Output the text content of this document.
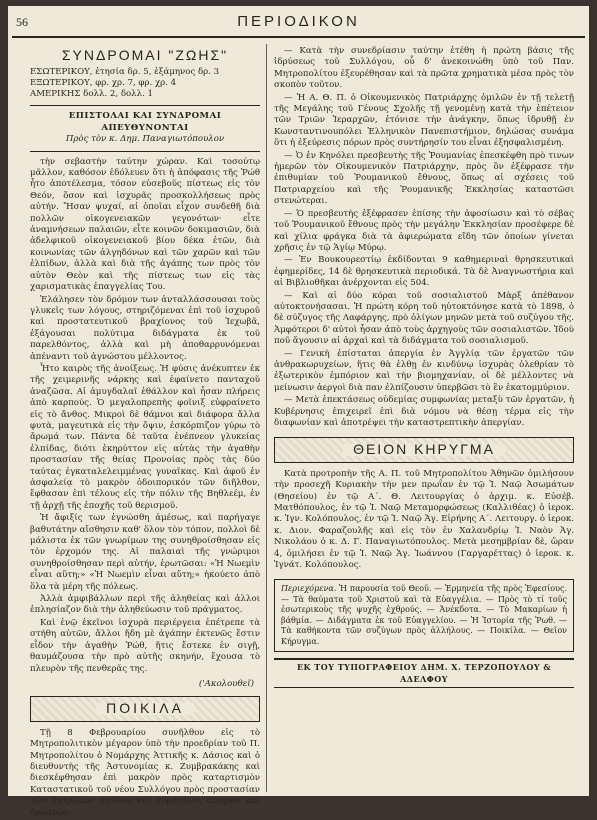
56	ΠΕΡΙΟΔΙΚΟΝ
ΣΥΝΔΡΟΜΑΙ "ΖΩΗΣ"
ΕΣΩΤΕΡΙΚΟΥ, ἐτησία δρ. 5, ἑξάμηνος δρ. 3
ΕΞΩΤΕΡΙΚΟΥ, φρ. χρ. 7, φρ. χρ. 4
ΑΜΕΡΙΚΗΣ δολλ. 2, δολλ. 1
ΕΠΙΣΤΟΛΑΙ ΚΑΙ ΣΥΝΔΡΟΜΑΙ ΑΠΕΥΘΥΝΟΝΤΑΙ
Πρὸς τὸν κ. Δημ. Παναγιωτόπουλον

τὴν σεβαστὴν ταύτην χώραν. Καὶ τοσούτῳ μᾶλλον, καθόσον ἐδόλευεν ὅτι ἡ ἀπόφασις τῆς Ῥώθ ἦτο ἀποτέλεσμα, τόσον εὐσεβοῦς πίστεως εἰς τὸν Θεόν, ὅσον καὶ ἰσχυρᾶς προσκολλήσεως πρὸς αὐτήν. Ἤσαν ψυχαί, αἱ ὁποῖαι εἶχον συνδεθῆ διὰ πολλῶν οἰκογενειακῶν γεγονότων· εἶτε ἀναμνήσεων παλαιῶν, εἶτε κοινῶν δοκιμασιῶν, διὰ ἀδελφικοῦ οἰκογενειακοῦ βίου δέκα ἐτῶν, διὰ κοινωνίας τῶν ἀλγηδόνων καὶ τῶν χαρῶν καὶ τῶν ἐλπίδων, ἀλλὰ καὶ διὰ τῆς ἀγάπης των πρὸς τὸν αὐτὸν Θεὸν καὶ τῆς πίστεως των εἰς τὰς χαρισματικὰς ἐπαγγελίας Του.

Ἐλάλησεν τὸν δρόμον των ἀνταλλάσσουσαι τοὺς γλυκεῖς των λόγους, στηριζόμεναι ἐπὶ τοῦ ἰσχυροῦ καὶ προστατευτικοῦ βραχίονος τοῦ Ἰεχωβᾶ, ἐξάγουσαι πολύτιμα διδάγματα ἐκ τοῦ παρελθόντος, ἀλλὰ καὶ μὴ ἀποθαρρυνόμεναι ἀπέναντι τοῦ ἀγνώστου μέλλοντος.

Ἦτο καιρὸς τῆς ἀνοίξεως. Ἡ φύσις ἀνέκυπτεν ἐκ τῆς χειμερινῆς νάρκης καὶ ἐφαίνετο πανταχοῦ ἀναζῶσα. Αἱ ἀμυγδαλαῖ ἐθάλλον καὶ ἦσαν πλήρεις ἀπὸ καρπούς. Ὁ μεγαλοπρεπὴς φοῖνιξ εὐφραίνετο εἰς τὸ ἄνθος. Μικροὶ δὲ θάμνοι καὶ διάφορα ἄλλα φυτὰ, μαγευτικὰ εἰς τὴν ὄψιν, ἐσκόρπιζον γύρω τὸ ἄρωμά των. Πάντα δὲ ταῦτα ἐνέπνεον γλυκείας ἐλπίδας, διότι ἐκηρύττον εἰς αὐτὰς τὴν ἀγαθὴν προστασίαν τῆς θείας Προνοίας πρὸς τὰς δύο ταύτας ἐγκαταλελειμμένας γυναῖκας. Καὶ ἀφοῦ ἐν ἀσφαλείᾳ τὸ μακρὸν ὁδοιπορικόν τῶν διῆλθον, ἔφθασαν ἐπὶ τέλους εἰς τὴν πόλιν τῆς Βηθλεέμ, ἐν τῇ ἀρχῇ τῆς ἐποχῆς τοῦ θερισμοῦ.

Ἡ ἄφιξίς των ἐγνώσθη ἀμέσως, καὶ παρήγαγε βαθυτάτην αἴσθησιν καθ' ὅλον τὸν τόπον, πολλοὶ δὲ μάλιστα ἐκ τῶν γνωρίμων της συνηθροίσθησαν εἰς τὸν ἐρχομόν της. Αἱ παλαιαὶ τῆς γνώριμοι συνηθροίσθησαν περὶ αὐτήν, ἐρωτῶσαι: «Ἡ Νωεμὶν εἶναι αὕτη;» «Ἡ Νωεμὶν εἶναι αὕτη;» ἠκούετο ἀπὸ ὅλα τὰ μέρη τῆς πόλεως.

Ἀλλὰ ἀμφιβάλλων περὶ τῆς ἀληθείας καὶ ἀλλοι ἐπλησίαζον διὰ τὴν ἀληθεύωσιν τοῦ πράγματος.

Καὶ ἐνῷ ἐκεῖνοι ἰσχυρὰ περιέργεια ἐπέτρεπε τὰ στήθη αὐτῶν, ἄλλοι ἤδη μὲ ἀγάπην ἐκτενῶς ἔστιν εἶδον τὴν ἀγαθὴν Ῥώθ, ἥτις ἔστεκε ἐν σιγῇ, θαυμάζουσα τὴν πρὸ αὐτῆς σκηνήν, ἔχουσα τὸ πλευρὸν τῆς πενθερᾶς της.

('Ακολουθεῖ)
ΠΟΙΚΙΛΑ

Τῇ 8 Φεβρουαρίου συνῆλθον εἰς τὸ Μητροπολιτικὸν μέγαρον ὑπὸ τὴν προεδρίαν τοῦ Π. Μητροπολίτου ὁ Νομάρχης Ἀττικῆς κ. Δάσιος καὶ ὁ διευθυντὴς τῆς Ἀστυνομίας κ. Ζυμβρακάκης καὶ διεσκέφθησαν ἐπὶ μακρὸν πρὸς καταρτισμὸν Καταστατικοῦ τοῦ νέου Συλλόγου πρὸς προστασίαν τῶν ἀνηλίκων παίδων καὶ κορασίων, ἀπόρων καὶ ὀρφανῶν.

— Κατὰ τὴν συνεδρίασιν ταύτην ἐτέθη ἡ πρώτη βάσις τῆς ἱδρύσεως τοῦ Συλλόγου, οὗ δ' ἀνεκοινώθη ὑπὸ τοῦ Παν. Μητροπολίτου ἐξευρέθησαν καὶ τὰ πρῶτα χρηματικὰ μέσα πρὸς τὸν σκοπὸν τοῦτον.

— Ἡ Α. Θ. Π. ὁ Οἰκουμενικὸς Πατριάρχης ὁμιλῶν ἐν τῇ τελετῇ τῆς Μεγάλης τοῦ Γένους Σχολῆς τῇ γενομένῃ κατὰ τὴν ἐπέτειον τῶν Τριῶν Ἱεραρχῶν, ἐτόνισε τὴν ἀνάγκην, ὅπως ἱδρυθῇ ἐν Κωνσταντινουπόλει Ἑλληνικὸν Πανεπιστήμιον, δηλώσας συνάμα ὅτι ἡ ἐξεύρεσις πόρων πρὸς συντήρησίν του εἶναι ἐξησφαλισμένη.

— Ὁ ἐν Κηνόλει πρεσβευτὴς τῆς Ῥουμανίας ἐπεσκέφθη πρὸ τινων ἡμερῶν τὸν Οἰκουμενικὸν Πατριάρχην, πρὸς ὃν ἐξέφρασε τὴν ἐπιθυμίαν τοῦ Ῥουμανικοῦ ἔθνους, ὅπως αἱ σχέσεις τοῦ Πατριαρχείου καὶ τῆς Ῥουμανικῆς Ἐκκλησίας καταστῶσι στενώτεραι.

— Ὁ πρεσβευτὴς ἐξέφρασεν ἐπίσης τὴν ἀφοσίωσιν καὶ τὸ σέβας τοῦ Ῥουμανικοῦ ἔθνους πρὸς τὴν μεγάλην Ἐκκλησίαν προσέφερε δὲ καὶ χίλια φράγκα διὰ τὰ ἀφιερώματα εἴδη τῶν ὁποίων γίνεται χρῆσις ἐν τῷ Ἁγίῳ Μύρῳ.

— Ἐν Βουκουρεστίῳ ἐκδίδονται 9 καθημεριναὶ θρησκευτικαὶ ἐφημερίδες, 14 δὲ θρησκευτικὰ περιοδικά. Τὰ δὲ Ἀναγνωστήρια καὶ αἱ Βιβλιοθῆκαι ἀνέρχονται εἰς 504.

— Καὶ αἱ δύο κόραι τοῦ σοσιαλιστοῦ Μὰρξ ἀπέθανον αὐτοκτονήσασαι. Ἡ πρώτη κόρη τοῦ ηὐτοκτόνησε κατὰ τὸ 1898, ὁ δὲ σύζυγος τῆς Λαφάργης, πρὸ ὀλίγων μηνῶν μετὰ τοῦ συζύγου τῆς. Ἀμφότεροι δ' αὐτοὶ ἦσαν ἀπὸ τοὺς ἀρχηγοὺς τῶν σοσιαλιστῶν. Ἰδοὺ ποῦ ἄγουσιν αἱ ἀρχαὶ καὶ τὰ διδάγματα τοῦ σοσιαλισμοῦ.

— Γενικὴ ἐπίσταται ἀπεργία ἐν Ἀγγλίᾳ τῶν ἐργατῶν τῶν ἀνθρακωρυχείων, ἥτις θὰ ἐλθῃ ἐν κινδύνῳ ἰσχυρὰς ὀλεθρίαν τὸ ἐξωτερικὸν ἐμπόριον καὶ τὴν βιομηχανίαν, οἱ δὲ μέλλοντες νὰ μείνωσιν ἀεργοὶ διὰ παν ἐλπίζουσιν ὑπερβῶσι τὸ ἓν ἑκατομμύριον.

— Μετὰ ἐπεκτάσεως οὐδεμίας συμφωνίας μεταξὺ τῶν ἐργατῶν, ἡ Κυβέρνησις ἐπιχειρεῖ ἐπὶ διὰ νόμου νὰ θέσῃ τέρμα εἰς τὴν διαφωνίαν καὶ ἀποτρέψει τὴν καταστρεπτικὴν ἀπεργίαν.

ΘΕΙΟΝ ΚΗΡΥΓΜΑ

Κατὰ προτροπὴν τῆς Α. Π. τοῦ Μητροπολίτου Ἀθηνῶν ὁμιλήσουν τὴν προσεχῆ Κυριακὴν τὴν μεν πρωΐαν ἐν τῷ Ἱ. Ναῷ Ἀσωμάτων (Θησείου) ἐν τῷ Α΄. Θ. Λειτουργίας ὁ ἀρχιμ. κ. Εὐσέβ. Ματθόπουλος, ἐν τῷ Ἱ. Ναῷ Μεταμορφώσεως (Καλλιθέας) ὁ ἱεροκ. κ. Ἰγν. Κολόπουλος, ἐν τῷ Ἱ. Ναῷ Ἁγ. Εἰρήνης Α΄. Λειτουργ. ὁ ἱεροκ. κ. Διον. Φαραζουλῆς καὶ εἰς τὸν ἐν Χαλανδρίῳ Ἱ. Ναὸν Ἁγ. Νικολάου ὁ κ. Δ. Γ. Παναγιωτόπουλος. Μετὰ μεσημβρίαν δὲ, ὥραν 4, ὁμιλήσει ἐν τῷ Ἱ. Ναῷ Ἁγ. Ἰωάννου (Γαργαρέττας) ὁ ἱεροκ. κ. Ἰγνάτ. Κολόπουλος.

Περιεχόμενα. Ἡ παρουσία τοῦ Θεοῦ. — Ἑρμηνεία τῆς πρὸς Ἐφεσίους. — Τὰ θαύματα τοῦ Χριστοῦ καὶ τὰ Εὐαγγέλια. — Πρὸς τὸ τί τοῦς ἐσωτερικοὺς τῆς ψυχῆς ἐχθρούς. — Ἀνέκδοτα. — Τὸ Μακαρίων ἡ βάθμία. — Διδάγματα ἐκ τοῦ Εὐαγγελίου. — Ἡ Ἱστορία τῆς Ῥωθ. — Τὰ καθήκοντα τῶν συζύγων πρὸς ἀλλήλους. — Ποικίλα. — Θεῖον Κήρυγμα.
ΕΚ ΤΟΥ ΤΥΠΟΓΡΑΦΕΙΟΥ ΔΗΜ. Χ. ΤΕΡΖΟΠΟΥΛΟΥ & ΑΔΕΛΦΟΥ
